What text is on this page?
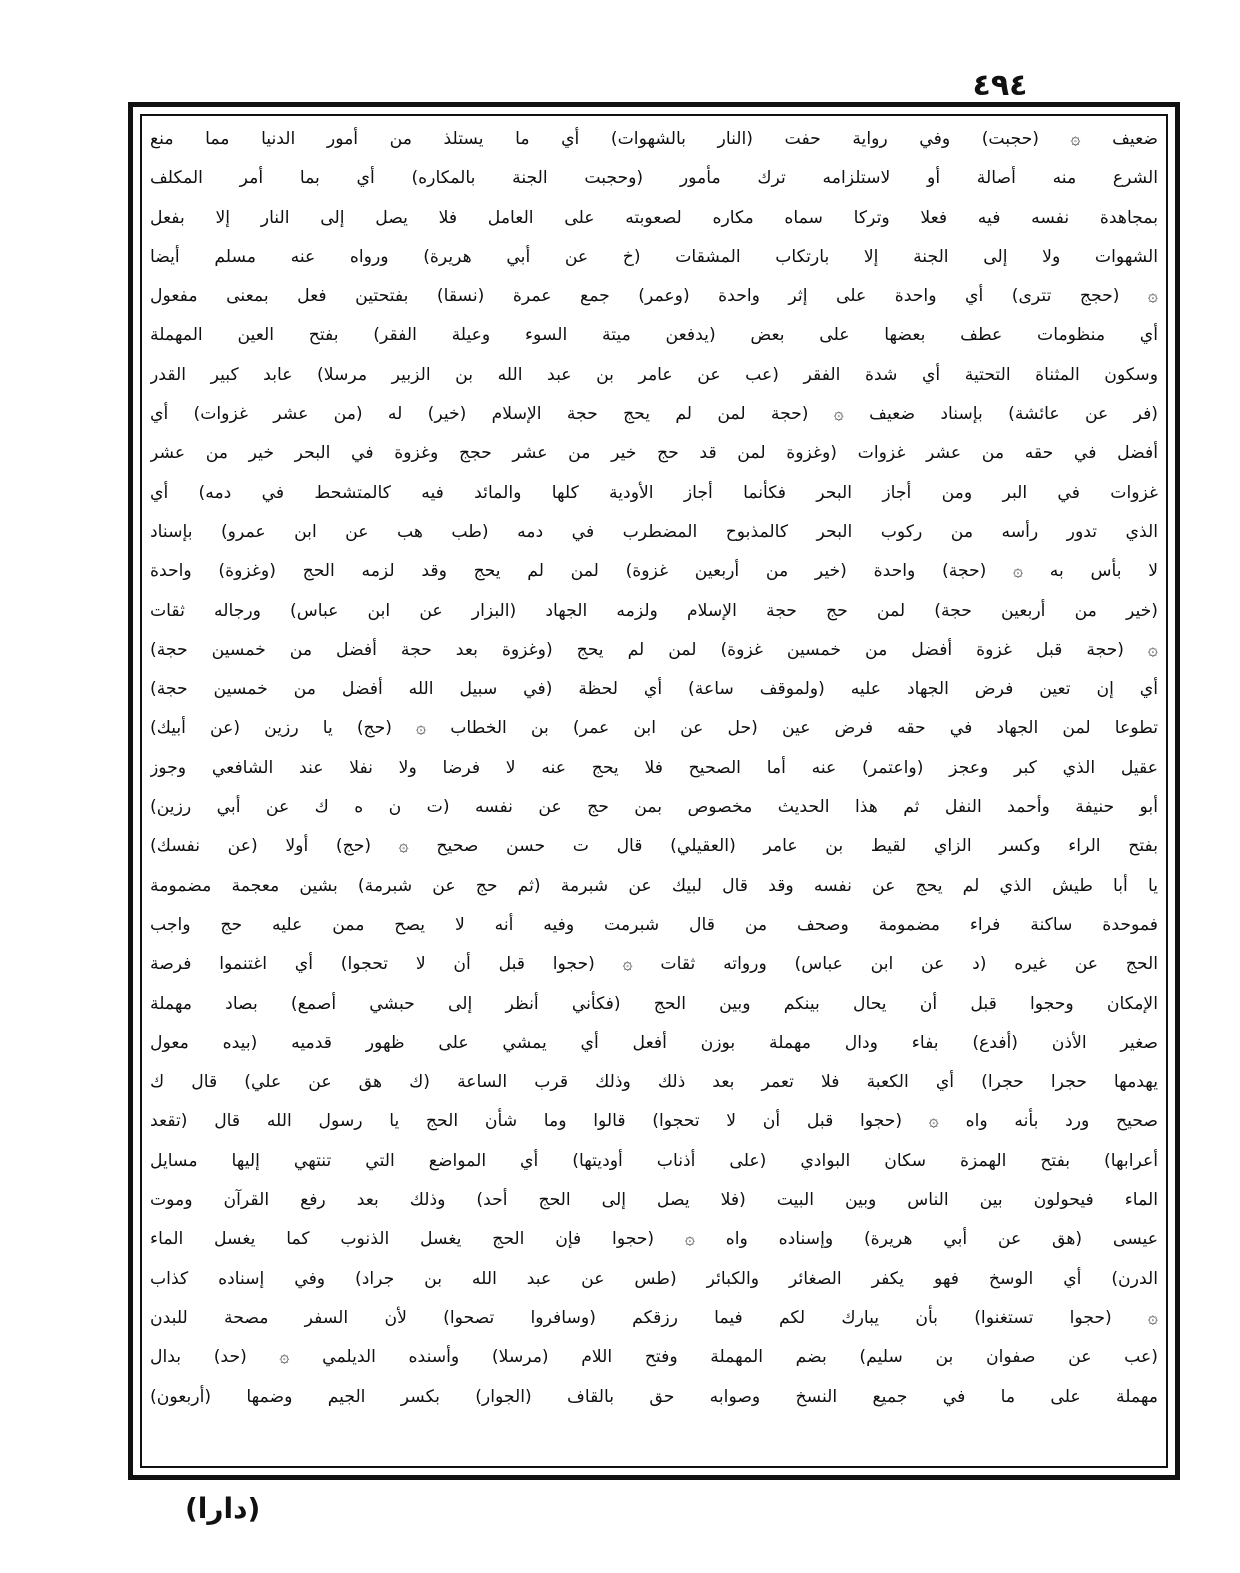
٤٩٤
ضعيف ۞ (حجبت) وفي رواية حفت (النار بالشهوات) أي ما يستلذ من أمور الدنيا مما منع
الشرع منه أصالة أو لاستلزامه ترك مأمور (وحجبت الجنة بالمكاره) أي بما أمر المكلف
بمجاهدة نفسه فيه فعلا وتركا سماه مكاره لصعوبته على العامل فلا يصل إلى النار إلا بفعل
الشهوات ولا إلى الجنة إلا بارتكاب المشقات (خ عن أبي هريرة) ورواه عنه مسلم أيضا
۞ (حجج تترى) أي واحدة على إثر واحدة (وعمر) جمع عمرة (نسقا) بفتحتين فعل بمعنى مفعول
أي منظومات عطف بعضها على بعض (يدفعن ميتة السوء وعيلة الفقر) بفتح العين المهملة
وسكون المثناة التحتية أي شدة الفقر (عب عن عامر بن عبد الله بن الزبير مرسلا) عابد كبير القدر
(فر عن عائشة) بإسناد ضعيف ۞ (حجة لمن لم يحج حجة الإسلام (خير) له (من عشر غزوات) أي
أفضل في حقه من عشر غزوات (وغزوة لمن قد حج خير من عشر حجج وغزوة في البحر خير من عشر
غزوات في البر ومن أجاز البحر فكأنما أجاز الأودية كلها والمائد فيه كالمتشحط في دمه) أي
الذي تدور رأسه من ركوب البحر كالمذبوح المضطرب في دمه (طب هب عن ابن عمرو) بإسناد
لا بأس به ۞ (حجة) واحدة (خير من أربعين غزوة) لمن لم يحج وقد لزمه الحج (وغزوة) واحدة
(خير من أربعين حجة) لمن حج حجة الإسلام ولزمه الجهاد (البزار عن ابن عباس) ورجاله ثقات
۞ (حجة قبل غزوة أفضل من خمسين غزوة) لمن لم يحج (وغزوة بعد حجة أفضل من خمسين حجة)
أي إن تعين فرض الجهاد عليه (ولموقف ساعة) أي لحظة (في سبيل الله أفضل من خمسين حجة)
تطوعا لمن الجهاد في حقه فرض عين (حل عن ابن عمر) بن الخطاب ۞ (حج) يا رزين (عن أبيك)
عقيل الذي كبر وعجز (واعتمر) عنه أما الصحيح فلا يحج عنه لا فرضا ولا نفلا عند الشافعي وجوز
أبو حنيفة وأحمد النفل ثم هذا الحديث مخصوص بمن حج عن نفسه (ت ن ه ك عن أبي رزين)
بفتح الراء وكسر الزاي لقيط بن عامر (العقيلي) قال ت حسن صحيح ۞ (حج) أولا (عن نفسك)
يا أبا طيش الذي لم يحج عن نفسه وقد قال لبيك عن شبرمة (ثم حج عن شبرمة) بشين معجمة مضمومة
فموحدة ساكنة فراء مضمومة وصحف من قال شبرمت وفيه أنه لا يصح ممن عليه حج واجب
الحج عن غيره (د عن ابن عباس) ورواته ثقات ۞ (حجوا قبل أن لا تحجوا) أي اغتنموا فرصة
الإمكان وحجوا قبل أن يحال بينكم وبين الحج (فكأني أنظر إلى حبشي أصمع) بصاد مهملة
صغير الأذن (أفدع) بفاء ودال مهملة بوزن أفعل أي يمشي على ظهور قدميه (بيده معول
يهدمها حجرا حجرا) أي الكعبة فلا تعمر بعد ذلك وذلك قرب الساعة (ك هق عن علي) قال ك
صحيح ورد بأنه واه ۞ (حجوا قبل أن لا تحجوا) قالوا وما شأن الحج يا رسول الله قال (تقعد
أعرابها) بفتح الهمزة سكان البوادي (على أذناب أوديتها) أي المواضع التي تنتهي إليها مسايل
الماء فيحولون بين الناس وبين البيت (فلا يصل إلى الحج أحد) وذلك بعد رفع القرآن وموت
عيسى (هق عن أبي هريرة) وإسناده واه ۞ (حجوا فإن الحج يغسل الذنوب كما يغسل الماء
الدرن) أي الوسخ فهو يكفر الصغائر والكبائر (طس عن عبد الله بن جراد) وفي إسناده كذاب
۞ (حجوا تستغنوا) بأن يبارك لكم فيما رزقكم (وسافروا تصحوا) لأن السفر مصحة للبدن
(عب عن صفوان بن سليم) بضم المهملة وفتح اللام (مرسلا) وأسنده الديلمي ۞ (حد) بدال
مهملة على ما في جميع النسخ وصوابه حق بالقاف (الجوار) بكسر الجيم وضمها (أربعون)
(دارا)
